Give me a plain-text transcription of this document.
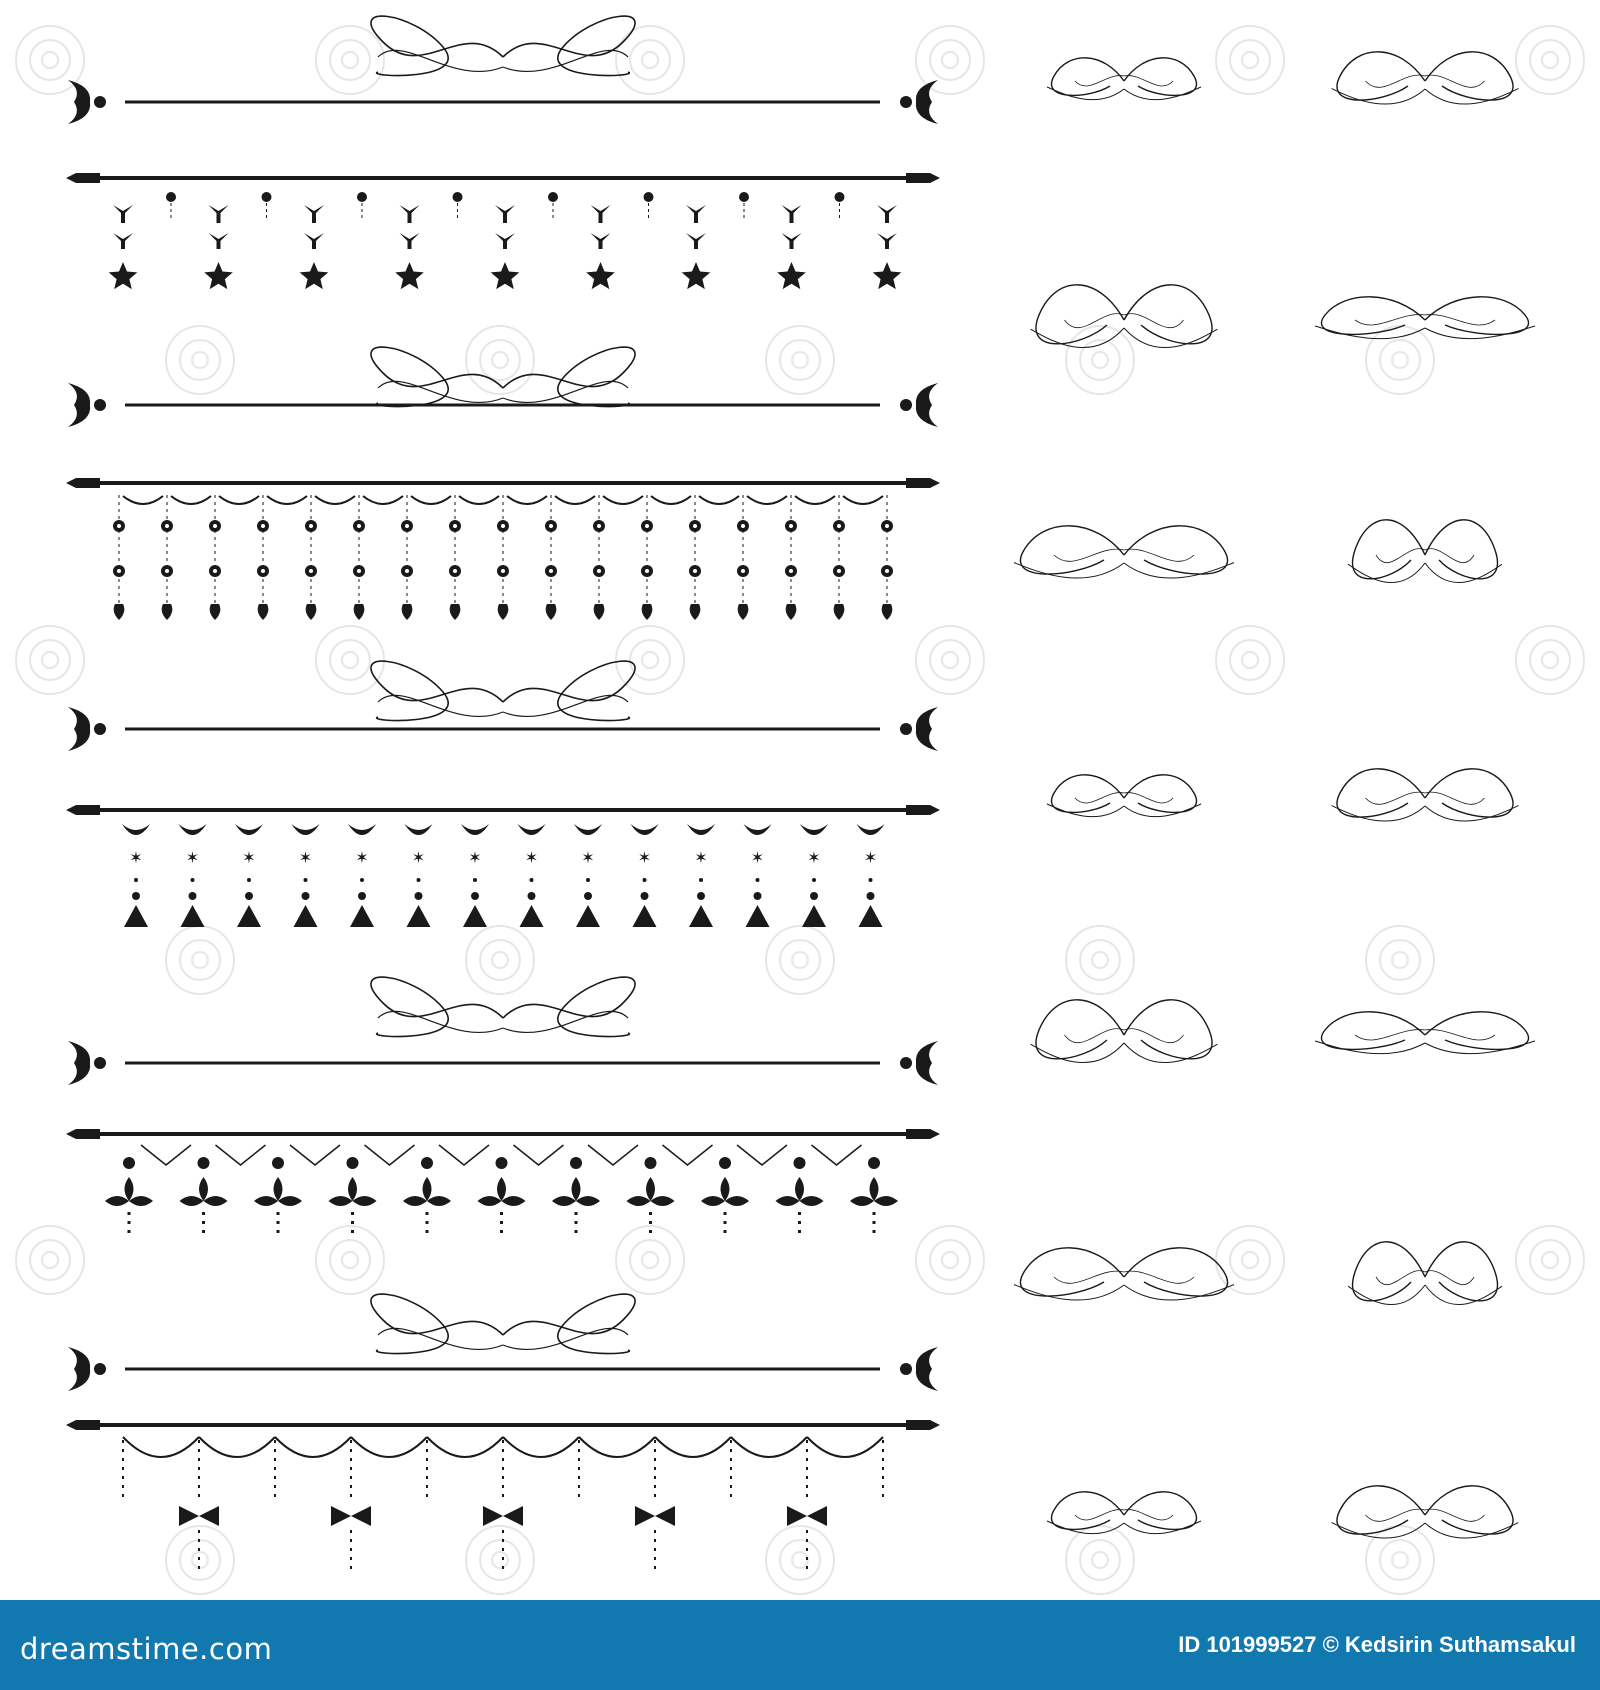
✶	✶	✶	✶	✶	✶	✶	✶	✶	✶	✶	✶	✶	✶
dreamstime.com	ID 101999527 © Kedsirin Suthamsakul
